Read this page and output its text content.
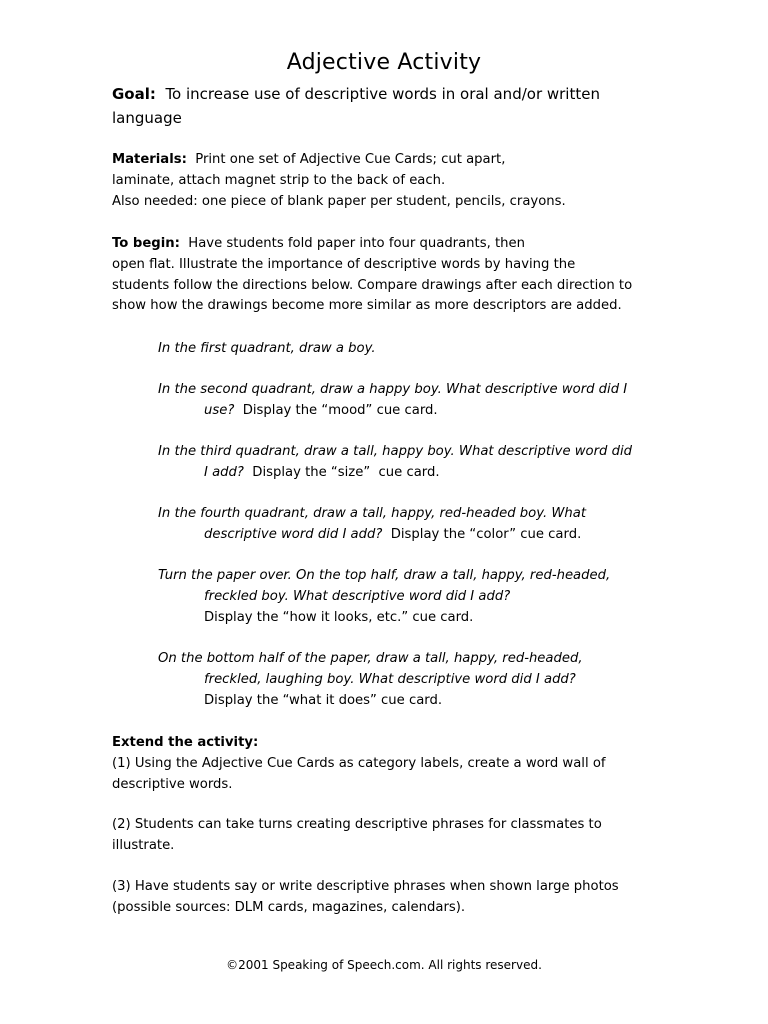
Adjective Activity
Goal: To increase use of descriptive words in oral and/or written
language
Materials: Print one set of Adjective Cue Cards; cut apart,
laminate, attach magnet strip to the back of each.
Also needed: one piece of blank paper per student, pencils, crayons.
To begin: Have students fold paper into four quadrants, then
open flat. Illustrate the importance of descriptive words by having the
students follow the directions below. Compare drawings after each direction to
show how the drawings become more similar as more descriptors are added.
In the first quadrant, draw a boy.
In the second quadrant, draw a happy boy. What descriptive word did I
use?  Display the “mood” cue card.
In the third quadrant, draw a tall, happy boy. What descriptive word did
I add?  Display the “size”  cue card.
In the fourth quadrant, draw a tall, happy, red-headed boy. What
descriptive word did I add?  Display the “color” cue card.
Turn the paper over. On the top half, draw a tall, happy, red-headed,
freckled boy. What descriptive word did I add?
Display the “how it looks, etc.” cue card.
On the bottom half of the paper, draw a tall, happy, red-headed,
freckled, laughing boy. What descriptive word did I add?
Display the “what it does” cue card.
Extend the activity:
(1) Using the Adjective Cue Cards as category labels, create a word wall of
descriptive words.
(2) Students can take turns creating descriptive phrases for classmates to
illustrate.
(3) Have students say or write descriptive phrases when shown large photos
(possible sources: DLM cards, magazines, calendars).
©2001 Speaking of Speech.com. All rights reserved.
